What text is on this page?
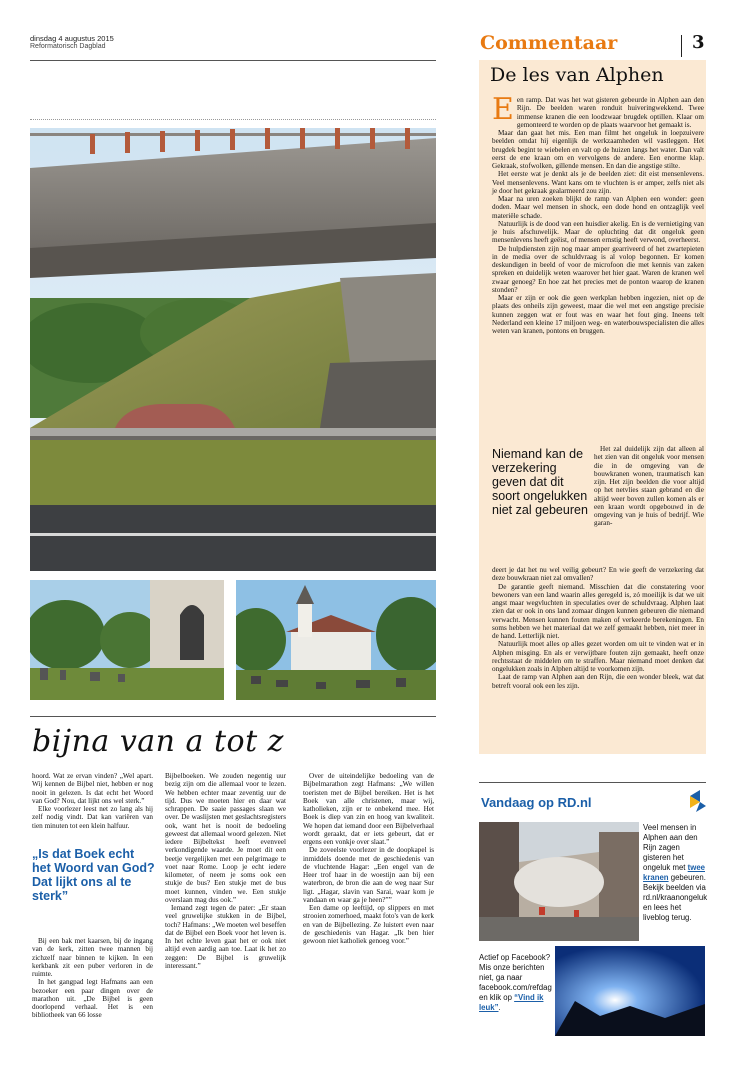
dinsdag 4 augustus 2015
Reformatorisch Dagblad	Commentaar	3
bijna van a tot z

hoord. Wat ze ervan vinden? „Wel apart. Wij kennen de Bijbel niet, hebben er nog nooit in gelezen. Is dat echt het Woord van God? Nou, dat lijkt ons wel sterk.”

Elke voorlezer leest net zo lang als hij zelf nodig vindt. Dat kan variëren van tien minuten tot een klein halfuur.

„Is dat Boek echt het Woord van God? Dat lijkt ons al te sterk”

Bij een bak met kaarsen, bij de ingang van de kerk, zitten twee mannen bij zichzelf naar binnen te kijken. In een kerkbank zit een puber verloren in de ruimte.

In het gangpad legt Hafmans aan een bezoeker een paar dingen over de marathon uit. „De Bijbel is geen doorlopend verhaal. Het is een bibliotheek van 66 losse

Bijbelboeken. We zouden negentig uur bezig zijn om die allemaal voor te lezen. We hebben echter maar zeventig uur de tijd. Dus we moeten hier en daar wat schrappen. De saaie passages slaan we over. De waslijsten met geslachtsregisters ook, want het is nooit de bedoeling geweest dat allemaal woord gelezen. Niet iedere Bijbeltekst heeft evenveel verkondigende waarde. Je moet dit een beetje vergelijken met een pelgrimage te voet naar Rome. Loop je echt iedere kilometer, of neem je soms ook een stukje de bus? Een stukje met de bus moet kunnen, vinden we. Een stukje overslaan mag dus ook.”

Iemand zegt tegen de pater: „Er staan veel gruwelijke stukken in de Bijbel, toch? Hafmans: „We moeten wel beseffen dat de Bijbel een Boek voor het leven is. In het echte leven gaat het er ook niet altijd even aardig aan toe. Laat ik het zo zeggen: De Bijbel is gruwelijk interessant.”

Over de uiteindelijke bedoeling van de Bijbelmarathon zegt Hafmans: „We willen toeristen met de Bijbel bereiken. Het is het Boek van alle christenen, maar wij, katholieken, zijn er te onbekend mee. Het Boek is diep van zin en hoog van kwaliteit. We hopen dat iemand door een Bijbelverhaal wordt geraakt, dat er iets gebeurt, dat er ergens een vonkje over slaat.”

De zoveelste voorlezer in de doopkapel is inmiddels doende met de geschiedenis van de vluchtende Hagar: „Een engel van de Heer trof haar in de woestijn aan bij een waterbron, de bron die aan de weg naar Sur ligt. „Hagar, slavin van Sarai, waar kom je vandaan en waar ga je heen?””

Een dame op leeftijd, op slippers en met strooien zomerhoed, maakt foto's van de kerk en van de Bijbellezing. Ze luistert even naar de geschiedenis van Hagar. „Ik ben hier gewoon niet katholiek genoeg voor.”

De les van Alphen

Een ramp. Dat was het wat gisteren gebeurde in Alphen aan den Rijn. De beelden waren ronduit huiveringwekkend. Twee immense kranen die een loodzwaar brugdek optillen. Klaar om gemonteerd te worden op de plaats waarvoor het gemaakt is.

Maar dan gaat het mis. Een man filmt het ongeluk in loepzuivere beelden omdat hij eigenlijk de werkzaamheden wil vastleggen. Het brugdek begint te wiebelen en valt op de huizen langs het water. Dan valt eerst de ene kraan om en vervolgens de andere. Een enorme klap. Gekraak, stofwolken, gillende mensen. En dan die angstige stilte.

Het eerste wat je denkt als je de beelden ziet: dit eist mensenlevens. Veel mensenlevens. Want kans om te vluchten is er amper, zelfs niet als je door het gekraak gealarmeerd zou zijn.

Maar na uren zoeken blijkt de ramp van Alphen een wonder: geen doden. Maar wel mensen in shock, een dode hond en ontzaglijk veel materiële schade.

Natuurlijk is de dood van een huisdier akelig. En is de vernietiging van je huis afschuwelijk. Maar de opluchting dat dit ongeluk geen mensenlevens heeft geëist, of mensen ernstig heeft verwond, overheerst.

De hulpdiensten zijn nog maar amper gearriveerd of het zwartepieten in de media over de schuldvraag is al volop begonnen. Er komen deskundigen in beeld of voor de microfoon die met kennis van zaken spreken en duidelijk weten waarover het hier gaat. Waren de kranen wel zwaar genoeg? En hoe zat het precies met de ponton waarop de kranen stonden?

Maar er zijn er ook die geen werkplan hebben ingezien, niet op de plaats des onheils zijn geweest, maar die wel met een angstige precisie kunnen zeggen wat er fout was en waar het fout ging. Ineens telt Nederland een kleine 17 miljoen weg- en waterbouwspecialisten die alles weten van kranen, pontons en bruggen.

Niemand kan de verzekering geven dat dit soort ongelukken niet zal gebeuren

Het zal duidelijk zijn dat alleen al het zien van dit ongeluk voor mensen die in de omgeving van de bouwkranen wonen, traumatisch kan zijn. Het zijn beelden die voor altijd op het netvlies staan gebrand en die altijd weer boven zullen komen als er een kraan wordt opgebouwd in de omgeving van je huis of bedrijf. Wie garan-

deert je dat het nu wel veilig gebeurt? En wie geeft de verzekering dat deze bouwkraan niet zal omvallen?

De garantie geeft niemand. Misschien dat die constatering voor bewoners van een land waarin alles geregeld is, zó moeilijk is dat we uit angst maar wegvluchten in speculaties over de schuldvraag. Alphen laat zien dat er ook in ons land zomaar dingen kunnen gebeuren die niemand verwacht. Mensen kunnen fouten maken of verkeerde berekeningen. En soms hebben we het materiaal dat we zelf gemaakt hebben, niet meer in de hand. Letterlijk niet.

Natuurlijk moet alles op alles gezet worden om uit te vinden wat er in Alphen misging. En als er verwijtbare fouten zijn gemaakt, heeft onze rechtsstaat de middelen om te straffen. Maar niemand moet denken dat ongelukken zoals in Alphen altijd te voorkomen zijn.

Laat de ramp van Alphen aan den Rijn, die een wonder bleek, wat dat betreft vooral ook een les zijn.

Vandaag op RD.nl
Veel mensen in Alphen aan den Rijn zagen gisteren het ongeluk met twee kranen gebeuren. Bekijk beelden via rd.nl/kraanongeluk en lees het liveblog terug.
Actief op Facebook? Mis onze berichten niet, ga naar facebook.com/refdag en klik op “Vind ik leuk”.
